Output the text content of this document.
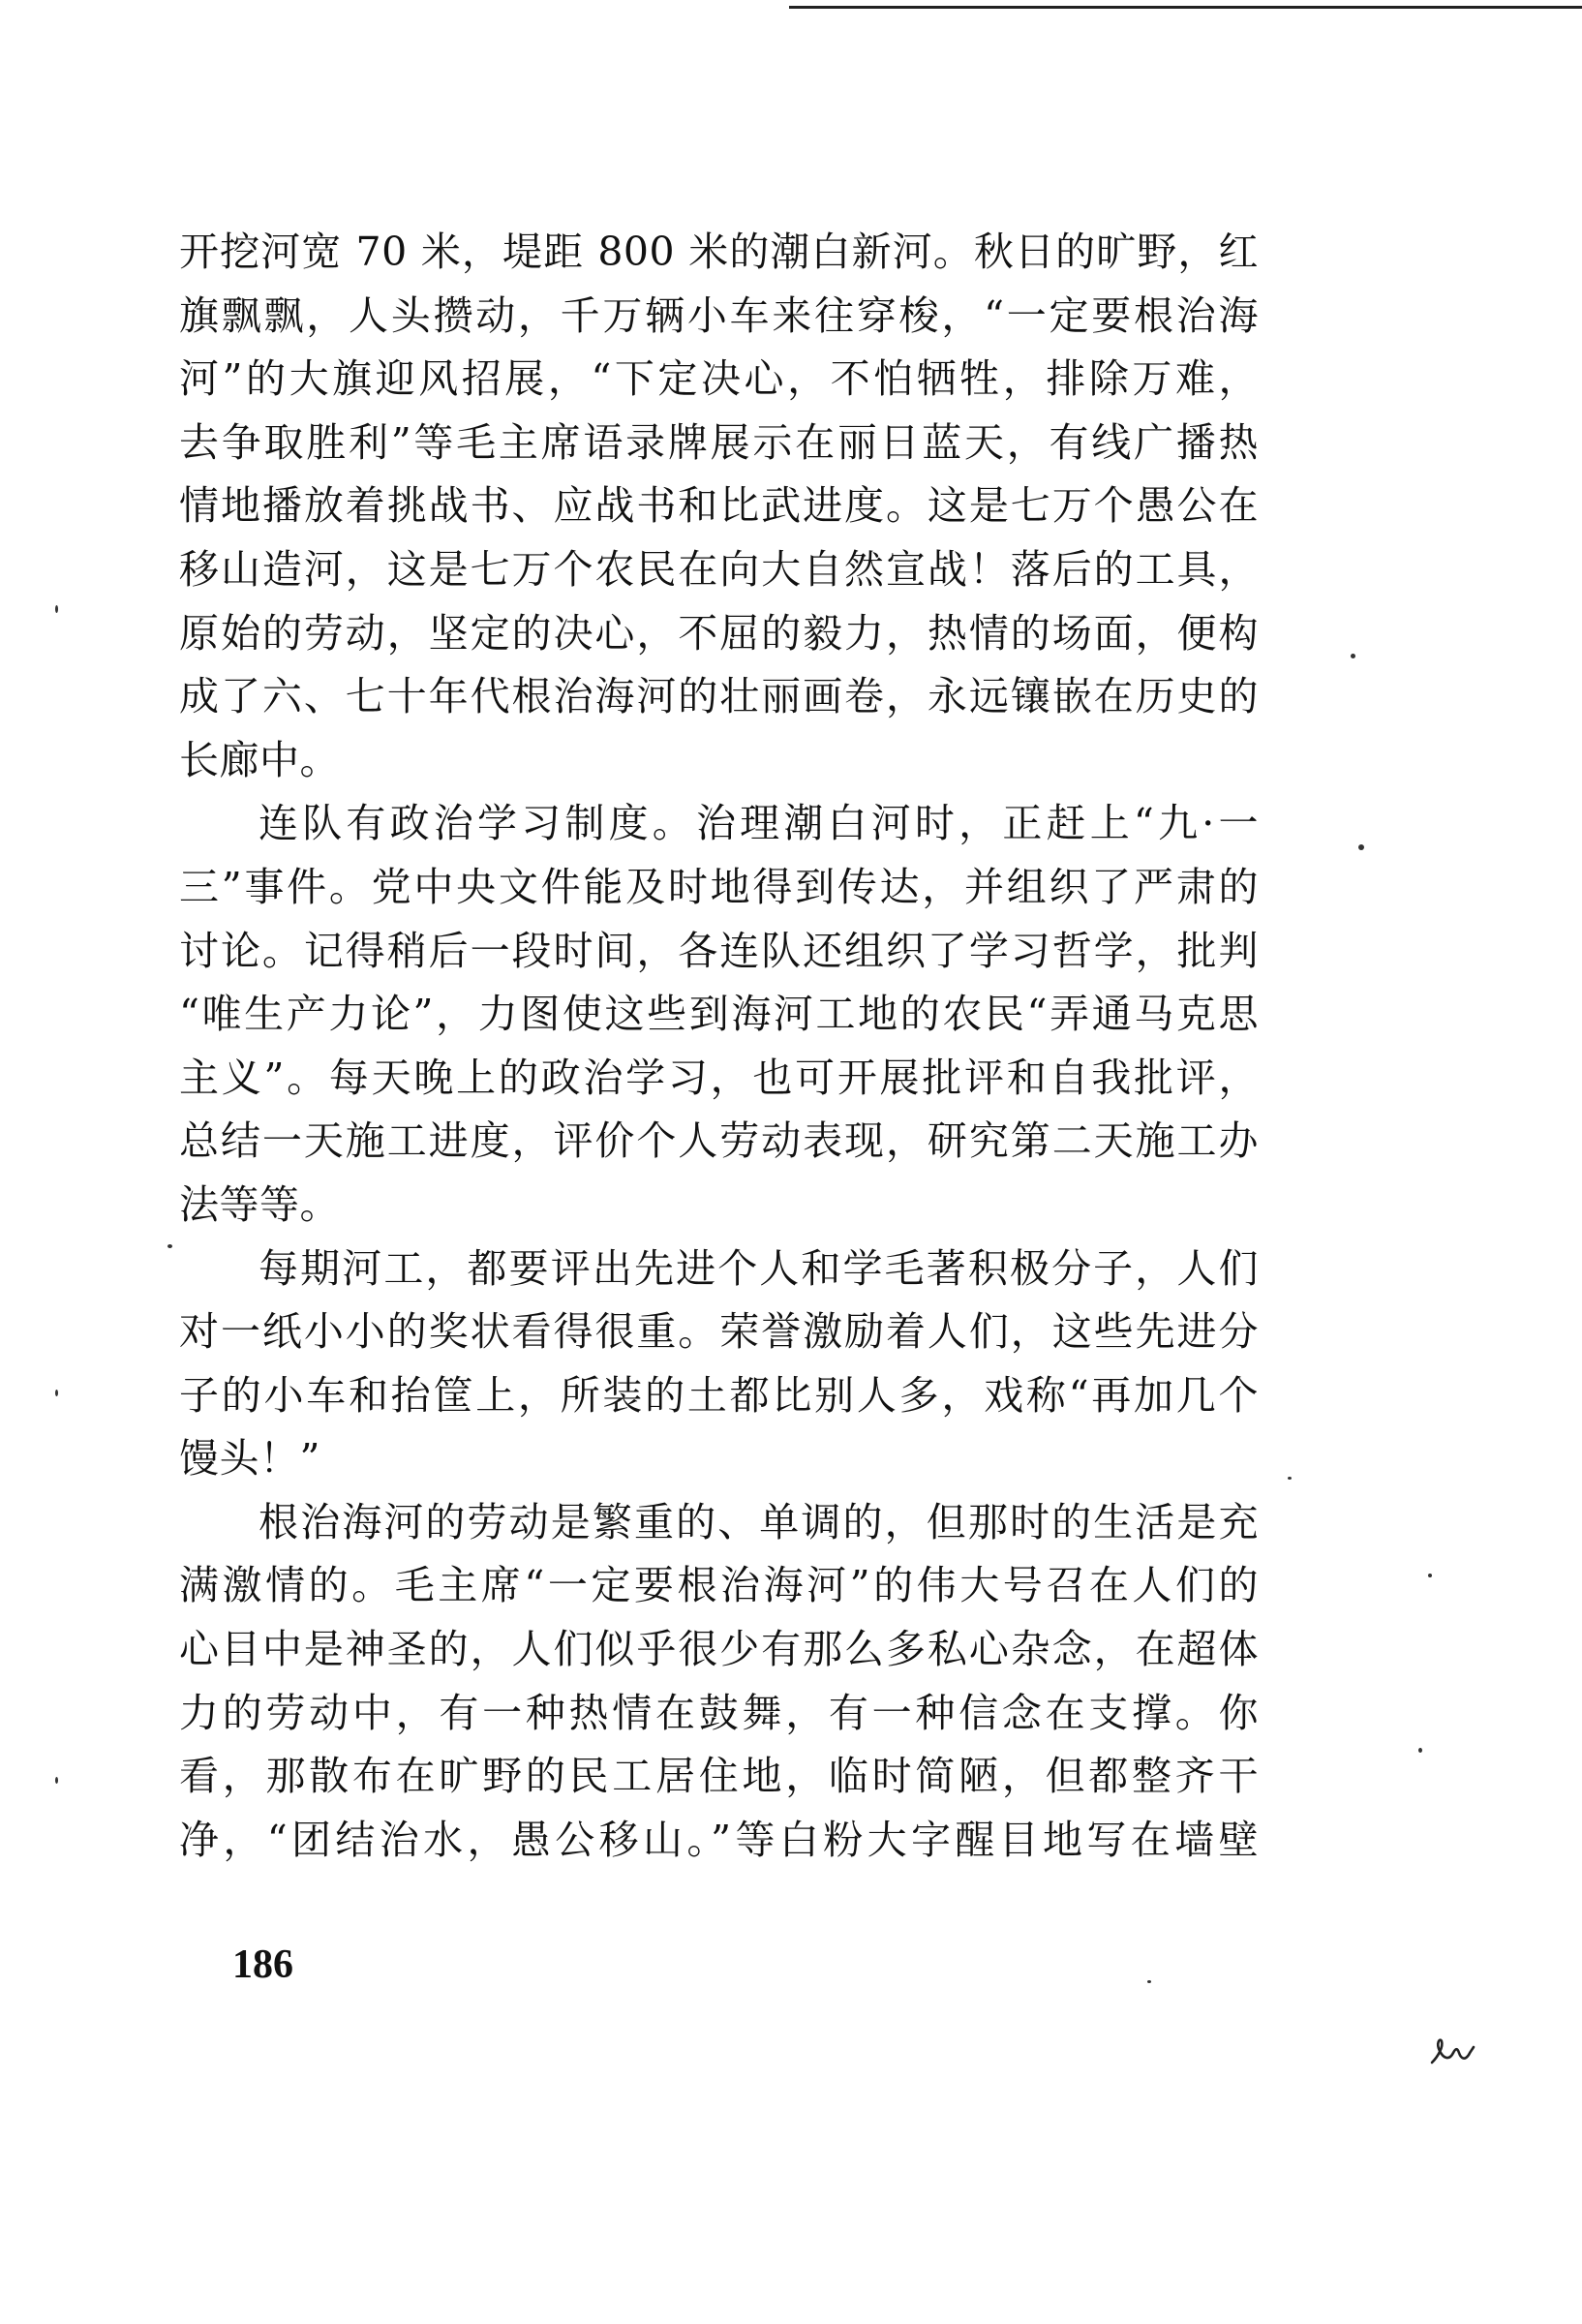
开挖河宽 70 米，堤距 800 米的潮白新河。秋日的旷野，红
旗飘飘，人头攒动，千万辆小车来往穿梭，“一定要根治海
河”的大旗迎风招展，“下定决心，不怕牺牲，排除万难，
去争取胜利”等毛主席语录牌展示在丽日蓝天，有线广播热
情地播放着挑战书、应战书和比武进度。这是七万个愚公在
移山造河，这是七万个农民在向大自然宣战！落后的工具，
原始的劳动，坚定的决心，不屈的毅力，热情的场面，便构
成了六、七十年代根治海河的壮丽画卷，永远镶嵌在历史的
长廊中。
连队有政治学习制度。治理潮白河时，正赶上“九·一
三”事件。党中央文件能及时地得到传达，并组织了严肃的
讨论。记得稍后一段时间，各连队还组织了学习哲学，批判
“唯生产力论”，力图使这些到海河工地的农民“弄通马克思
主义”。每天晚上的政治学习，也可开展批评和自我批评，
总结一天施工进度，评价个人劳动表现，研究第二天施工办
法等等。
每期河工，都要评出先进个人和学毛著积极分子，人们
对一纸小小的奖状看得很重。荣誉激励着人们，这些先进分
子的小车和抬筐上，所装的土都比别人多，戏称“再加几个
馒头！”
根治海河的劳动是繁重的、单调的，但那时的生活是充
满激情的。毛主席“一定要根治海河”的伟大号召在人们的
心目中是神圣的，人们似乎很少有那么多私心杂念，在超体
力的劳动中，有一种热情在鼓舞，有一种信念在支撑。你
看，那散布在旷野的民工居住地，临时简陋，但都整齐干
净，“团结治水，愚公移山。”等白粉大字醒目地写在墙壁
186
